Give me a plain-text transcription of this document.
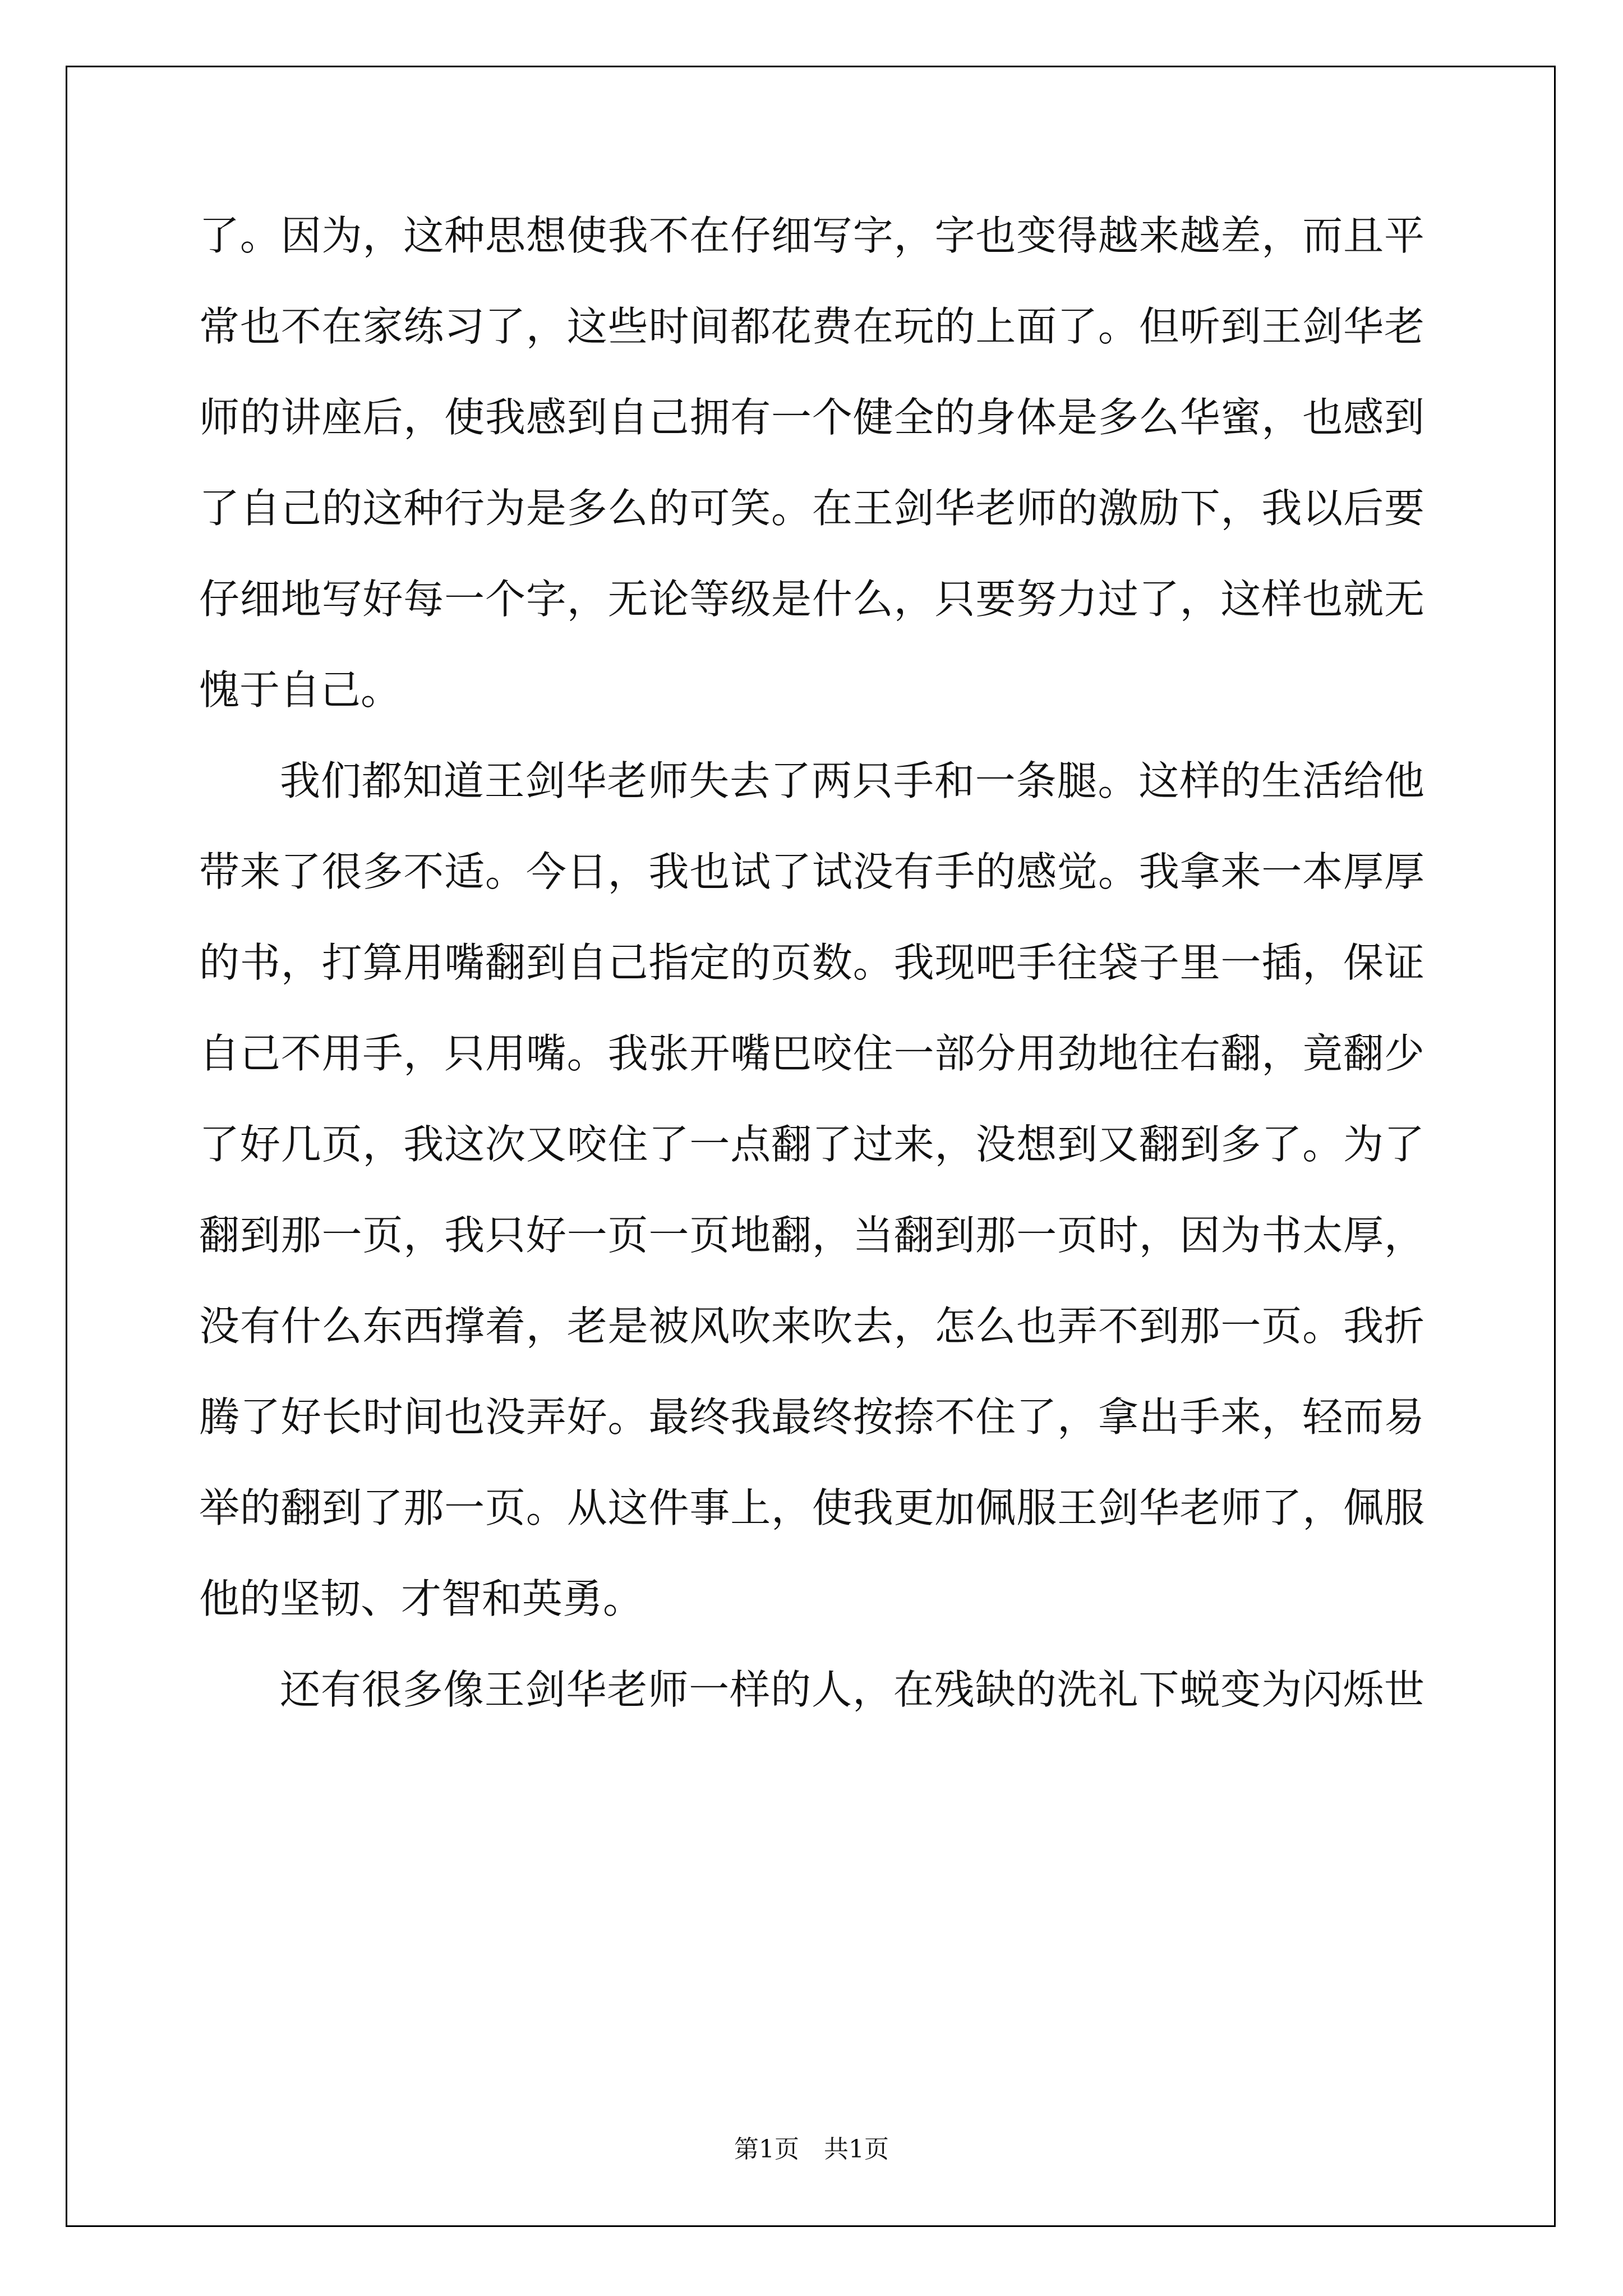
了。因为，这种思想使我不在仔细写字，字也变得越来越差，而且平
常也不在家练习了，这些时间都花费在玩的上面了。但听到王剑华老
师的讲座后，使我感到自己拥有一个健全的身体是多么华蜜，也感到
了自己的这种行为是多么的可笑。在王剑华老师的激励下，我以后要
仔细地写好每一个字，无论等级是什么，只要努力过了，这样也就无
愧于自己。
我们都知道王剑华老师失去了两只手和一条腿。这样的生活给他
带来了很多不适。今日，我也试了试没有手的感觉。我拿来一本厚厚
的书，打算用嘴翻到自己指定的页数。我现吧手往袋子里一插，保证
自己不用手，只用嘴。我张开嘴巴咬住一部分用劲地往右翻，竟翻少
了好几页，我这次又咬住了一点翻了过来，没想到又翻到多了。为了
翻到那一页，我只好一页一页地翻，当翻到那一页时，因为书太厚，
没有什么东西撑着，老是被风吹来吹去，怎么也弄不到那一页。我折
腾了好长时间也没弄好。最终我最终按捺不住了，拿出手来，轻而易
举的翻到了那一页。从这件事上，使我更加佩服王剑华老师了，佩服
他的坚韧、才智和英勇。
还有很多像王剑华老师一样的人，在残缺的洗礼下蜕变为闪烁世
第1页　共1页
